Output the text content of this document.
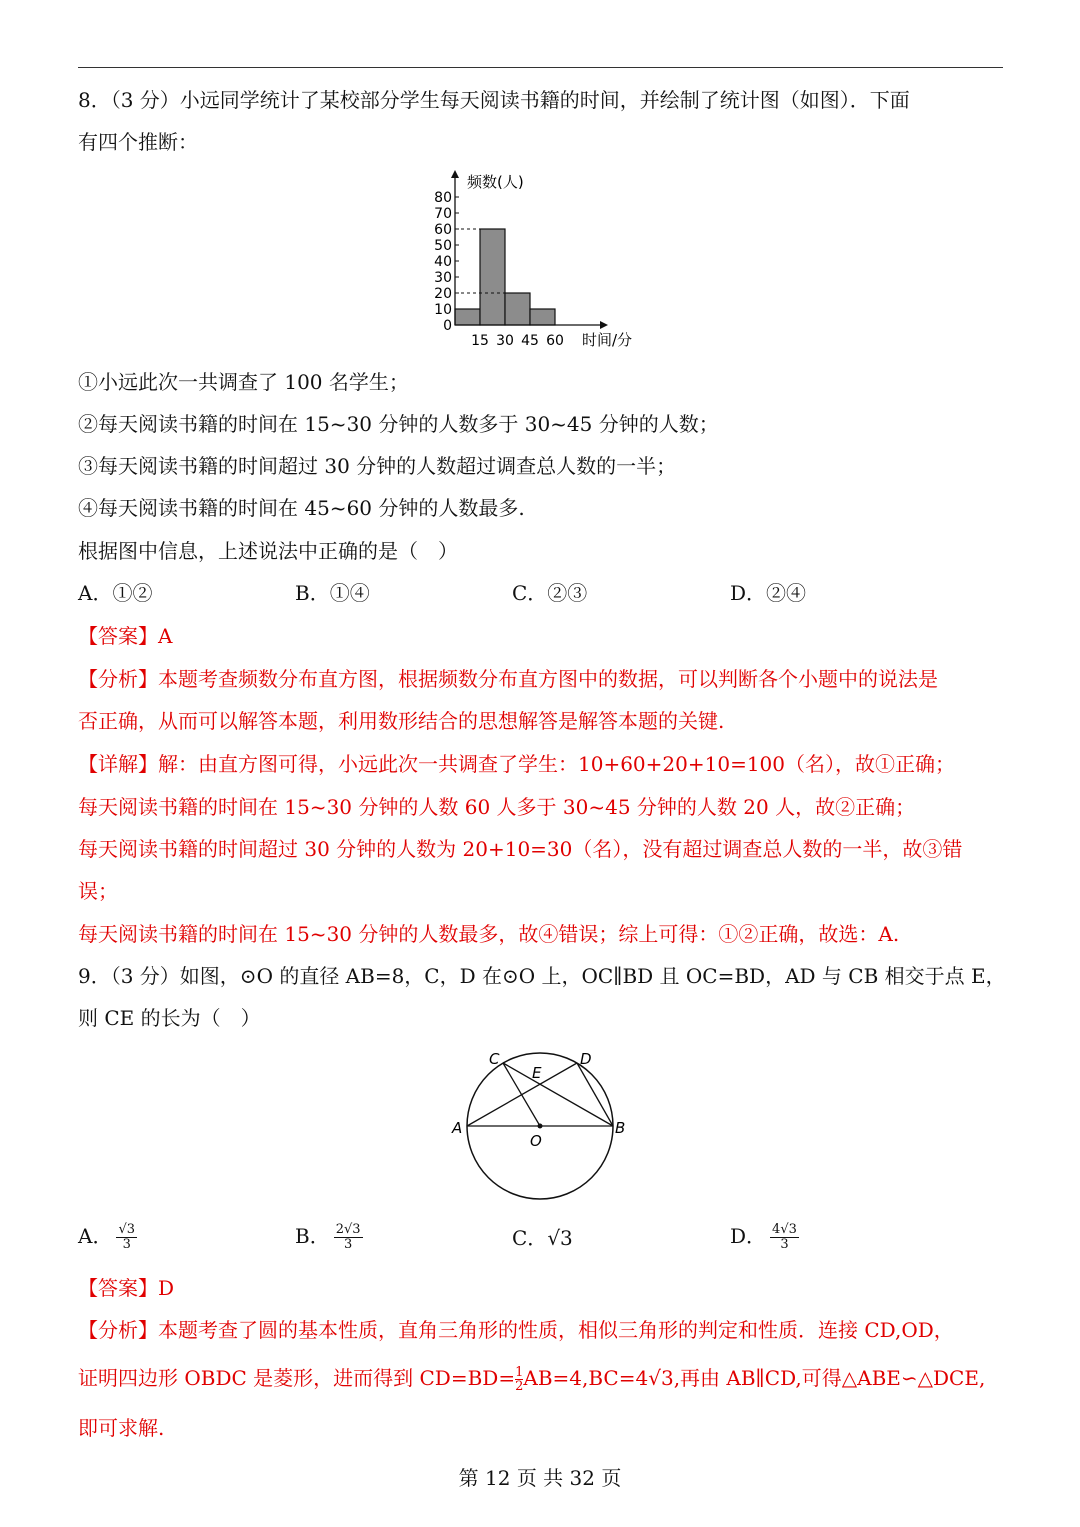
8．（3 分）小远同学统计了某校部分学生每天阅读书籍的时间，并绘制了统计图（如图）．下面
有四个推断：
0
10
20
30
40
50
60
70
80
15 30 45 60
频数(人)
时间/分
①小远此次一共调查了 100 名学生；
②每天阅读书籍的时间在 15~30 分钟的人数多于 30~45 分钟的人数；
③每天阅读书籍的时间超过 30 分钟的人数超过调查总人数的一半；
④每天阅读书籍的时间在 45~60 分钟的人数最多.
根据图中信息，上述说法中正确的是（　）
A．①②	B．①④	C．②③	D．②④
【答案】A
【分析】本题考查频数分布直方图，根据频数分布直方图中的数据，可以判断各个小题中的说法是
否正确，从而可以解答本题，利用数形结合的思想解答是解答本题的关键.
【详解】解：由直方图可得，小远此次一共调查了学生：10+60+20+10=100（名），故①正确；
每天阅读书籍的时间在 15~30 分钟的人数 60 人多于 30~45 分钟的人数 20 人，故②正确；
每天阅读书籍的时间超过 30 分钟的人数为 20+10=30（名），没有超过调查总人数的一半，故③错
误；
每天阅读书籍的时间在 15~30 分钟的人数最多，故④错误；综上可得：①②正确，故选：A.
9．（3 分）如图，⊙O 的直径 AB=8，C，D 在⊙O 上，OC∥BD 且 OC=BD，AD 与 CB 相交于点 E，
则 CE 的长为（　）
C	D
E
A	B
O
A． $\frac{√3}{3}$	B． $\frac{2√3}{3}$	C．√3	D． $\frac{4√3}{3}$
【答案】D
【分析】本题考查了圆的基本性质，直角三角形的性质，相似三角形的判定和性质．连接 CD,OD，
证明四边形 OBDC 是菱形，进而得到 $CD=BD= \frac{1}{2} AB=4,BC=4√3$,再由 AB∥CD,可得△ABE∽△DCE,
即可求解.
第 12 页 共 32 页
